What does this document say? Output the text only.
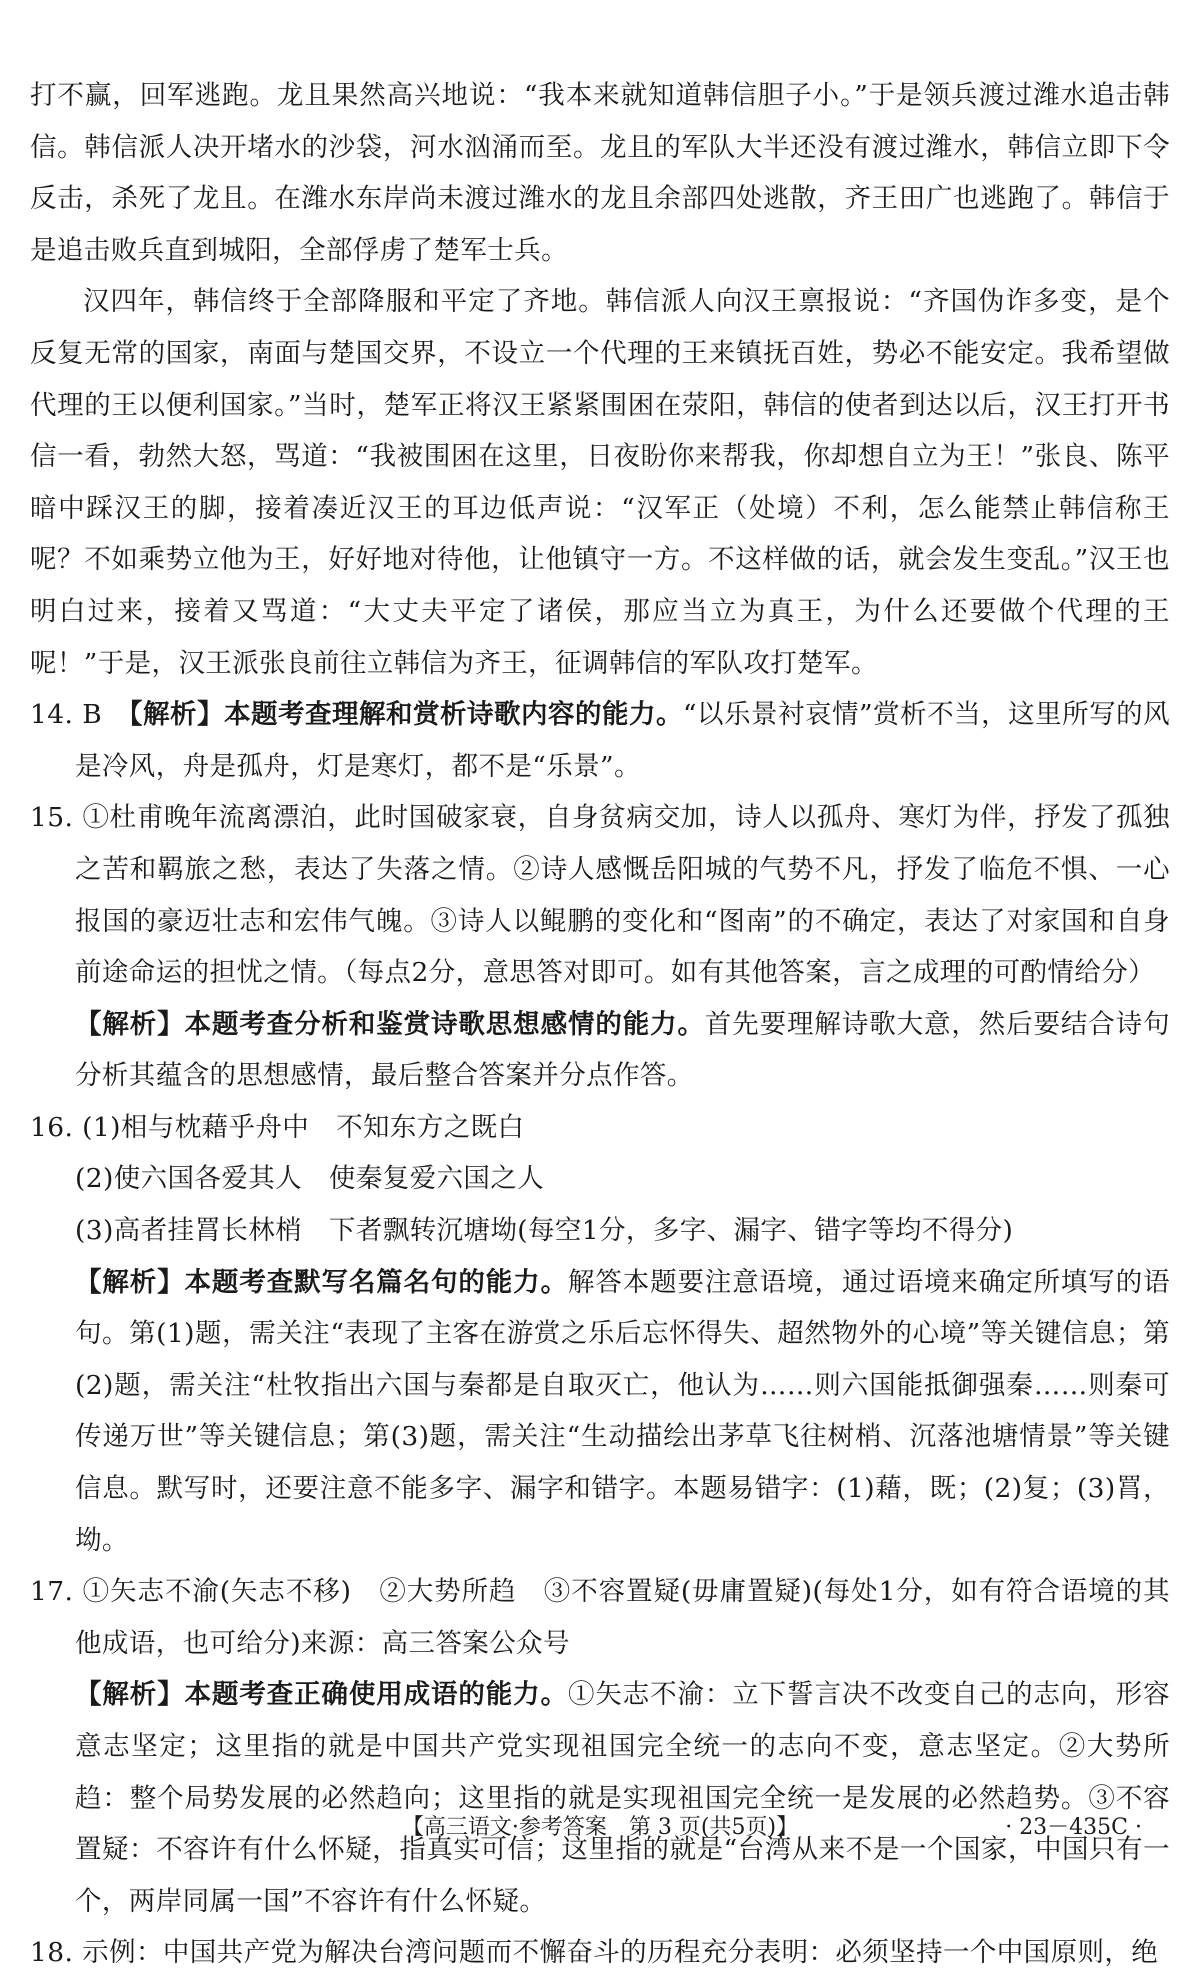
打不赢，回军逃跑。龙且果然高兴地说：“我本来就知道韩信胆子小。”于是领兵渡过潍水追击韩信。韩信派人决开堵水的沙袋，河水汹涌而至。龙且的军队大半还没有渡过潍水，韩信立即下令反击，杀死了龙且。在潍水东岸尚未渡过潍水的龙且余部四处逃散，齐王田广也逃跑了。韩信于是追击败兵直到城阳，全部俘虏了楚军士兵。

汉四年，韩信终于全部降服和平定了齐地。韩信派人向汉王禀报说：“齐国伪诈多变，是个反复无常的国家，南面与楚国交界，不设立一个代理的王来镇抚百姓，势必不能安定。我希望做代理的王以便利国家。”当时，楚军正将汉王紧紧围困在荥阳，韩信的使者到达以后，汉王打开书信一看，勃然大怒，骂道：“我被围困在这里，日夜盼你来帮我，你却想自立为王！”张良、陈平暗中踩汉王的脚，接着凑近汉王的耳边低声说：“汉军正（处境）不利，怎么能禁止韩信称王呢？不如乘势立他为王，好好地对待他，让他镇守一方。不这样做的话，就会发生变乱。”汉王也明白过来，接着又骂道：“大丈夫平定了诸侯，那应当立为真王，为什么还要做个代理的王呢！”于是，汉王派张良前往立韩信为齐王，征调韩信的军队攻打楚军。

14. B　 【解析】本题考查理解和赏析诗歌内容的能力。“以乐景衬哀情”赏析不当，这里所写的风是冷风，舟是孤舟，灯是寒灯，都不是“乐景”。

15. ①杜甫晚年流离漂泊，此时国破家衰，自身贫病交加，诗人以孤舟、寒灯为伴，抒发了孤独之苦和羁旅之愁，表达了失落之情。②诗人感慨岳阳城的气势不凡，抒发了临危不惧、一心报国的豪迈壮志和宏伟气魄。③诗人以鲲鹏的变化和“图南”的不确定，表达了对家国和自身前途命运的担忧之情。（每点2分，意思答对即可。如有其他答案，言之成理的可酌情给分）

【解析】本题考查分析和鉴赏诗歌思想感情的能力。首先要理解诗歌大意，然后要结合诗句分析其蕴含的思想感情，最后整合答案并分点作答。

16. (1)相与枕藉乎舟中　不知东方之既白

(2)使六国各爱其人　使秦复爱六国之人

(3)高者挂罥长林梢　下者飘转沉塘坳(每空1分，多字、漏字、错字等均不得分)

【解析】本题考查默写名篇名句的能力。解答本题要注意语境，通过语境来确定所填写的语句。第(1)题，需关注“表现了主客在游赏之乐后忘怀得失、超然物外的心境”等关键信息；第(2)题，需关注“杜牧指出六国与秦都是自取灭亡，他认为……则六国能抵御强秦……则秦可传递万世”等关键信息；第(3)题，需关注“生动描绘出茅草飞往树梢、沉落池塘情景”等关键信息。默写时，还要注意不能多字、漏字和错字。本题易错字：(1)藉，既；(2)复；(3)罥，坳。

17. ①矢志不渝(矢志不移)　②大势所趋　③不容置疑(毋庸置疑)(每处1分，如有符合语境的其他成语，也可给分)来源：高三答案公众号

【解析】本题考查正确使用成语的能力。①矢志不渝：立下誓言决不改变自己的志向，形容意志坚定；这里指的就是中国共产党实现祖国完全统一的志向不变，意志坚定。②大势所趋：整个局势发展的必然趋向；这里指的就是实现祖国完全统一是发展的必然趋势。③不容置疑：不容许有什么怀疑，指真实可信；这里指的就是“台湾从来不是一个国家，中国只有一个，两岸同属一国”不容许有什么怀疑。

18. 示例：中国共产党为解决台湾问题而不懈奋斗的历程充分表明：必须坚持一个中国原则，绝

【高三语文·参考答案　第 3 页(共5页)】	· 23－435C ·
